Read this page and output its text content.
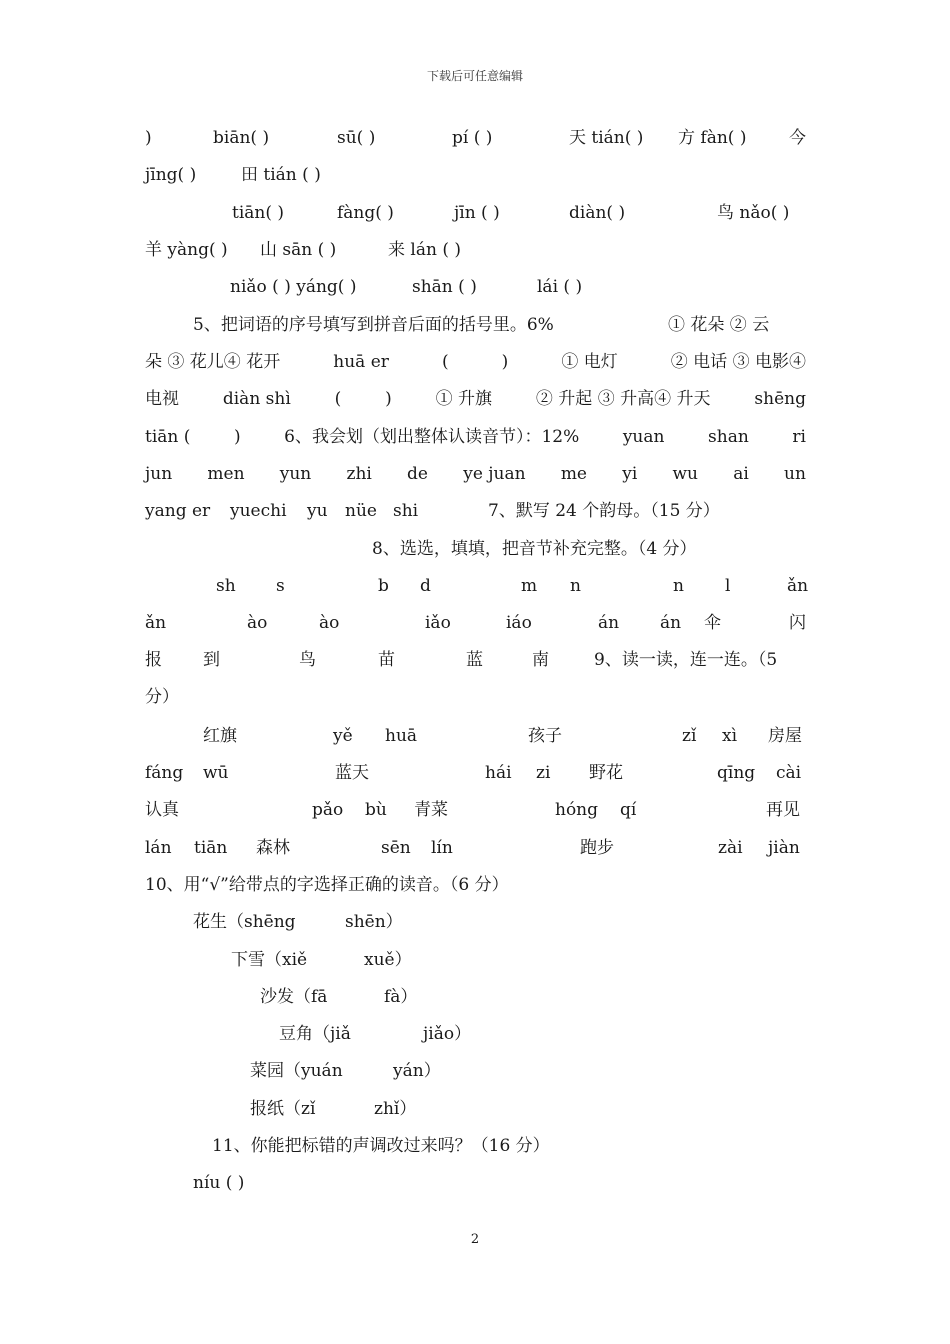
下载后可任意编辑
)	biān( )	sū( )	pí ( )	天 tián( ) 方 fàn( )	今
jīng( )	田 tián ( )
tiān( )	fàng( )	jīn ( )	diàn( )	鸟 nǎo( )
羊 yàng( ) 山 sān ( )	来 lán ( )
niǎo ( ) yáng( )	shān ( )	lái ( )
5、把词语的序号填写到拼音后面的括号里。6%	① 花朵 ② 云
朵 ③ 花儿④ 花开	huā er	(	)	① 电灯	② 电话 ③ 电影④
电视	diàn shì	(	)	① 升旗	② 升起 ③ 升高④ 升天	shēng
tiān (	)	6、我会划（划出整体认读音节）：12%	yuan	shan	ri
jun men yun zhi de ye juan me yi wu ai un
yang er yuechi yu nüe shi	7、默写 24 个韵母。（15 分）
8、选选，填填，把音节补充完整。（4 分）
sh s	b d	m n	n l	ǎn
ǎn	ào	ào	iǎo	iáo	án án 伞	闪
报 到	鸟	苗	蓝	南	9、读一读，连一连。（5
分）
红旗	yě huā	孩子	zǐ xì 房屋
fáng wū	蓝天	hái zi 野花	qīng cài
认真	pǎo bù 青菜	hóng qí	再见
lán tiān 森林	sēn lín	跑步	zài jiàn
10、用“√”给带点的字选择正确的读音。（6 分）
花生（shēng	shēn）
下雪（xiě	xuě）
沙发（fā	fà）
豆角（jiǎ	jiǎo）
菜园（yuán	yán）
报纸（zǐ	zhǐ）
11、你能把标错的声调改过来吗？（16 分）
níu ( )
2
